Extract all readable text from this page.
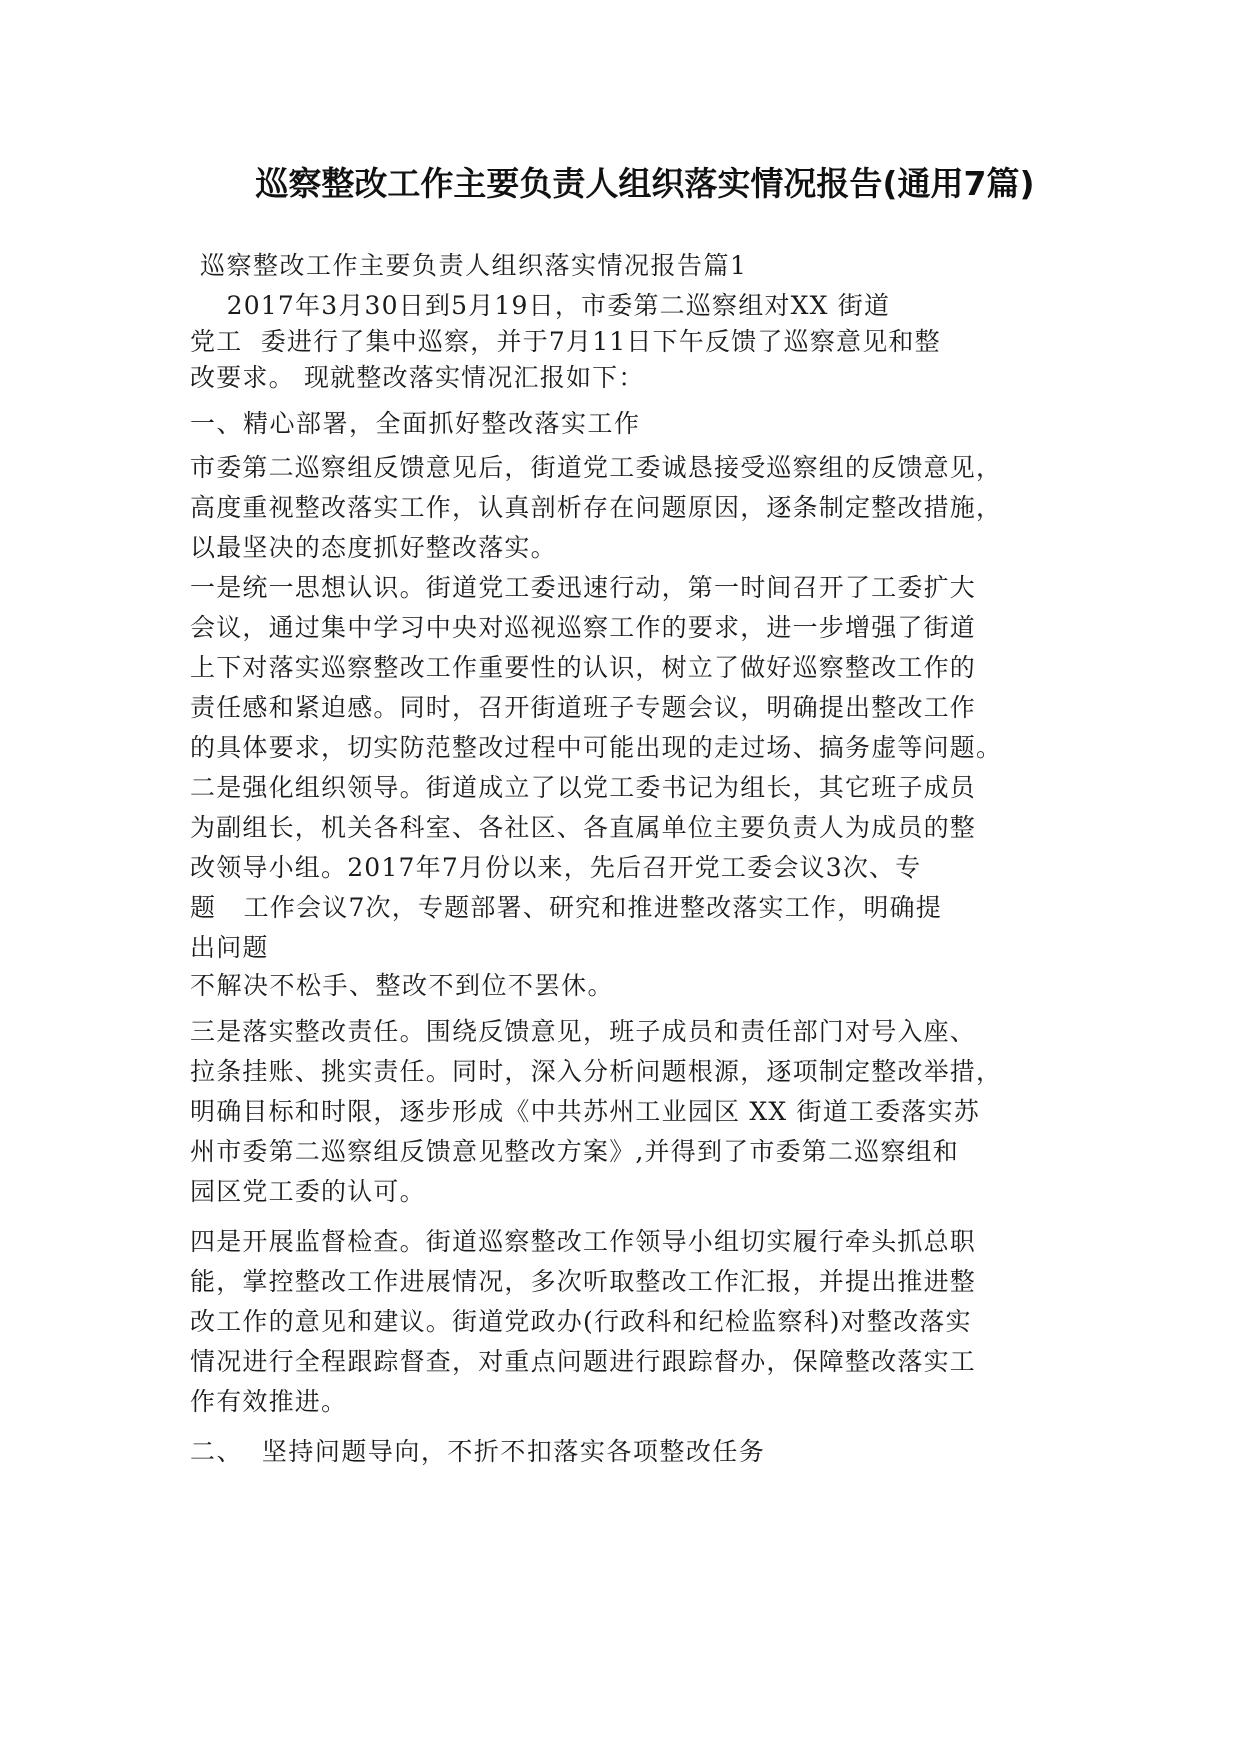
巡察整改工作主要负责人组织落实情况报告(通用7篇)
巡察整改工作主要负责人组织落实情况报告篇1
2017年3月30日到5月19日，市委第二巡察组对XX 街道
党工  委进行了集中巡察，并于7月11日下午反馈了巡察意见和整
改要求。 现就整改落实情况汇报如下：
一、精心部署，全面抓好整改落实工作
市委第二巡察组反馈意见后，街道党工委诚恳接受巡察组的反馈意见，
高度重视整改落实工作，认真剖析存在问题原因，逐条制定整改措施，
以最坚决的态度抓好整改落实。
一是统一思想认识。街道党工委迅速行动，第一时间召开了工委扩大
会议，通过集中学习中央对巡视巡察工作的要求，进一步增强了街道
上下对落实巡察整改工作重要性的认识，树立了做好巡察整改工作的
责任感和紧迫感。同时，召开街道班子专题会议，明确提出整改工作
的具体要求，切实防范整改过程中可能出现的走过场、搞务虚等问题。
二是强化组织领导。街道成立了以党工委书记为组长，其它班子成员
为副组长，机关各科室、各社区、各直属单位主要负责人为成员的整
改领导小组。2017年7月份以来，先后召开党工委会议3次、专
题   工作会议7次，专题部署、研究和推进整改落实工作，明确提
出问题
不解决不松手、整改不到位不罢休。
三是落实整改责任。围绕反馈意见，班子成员和责任部门对号入座、
拉条挂账、挑实责任。同时，深入分析问题根源，逐项制定整改举措，
明确目标和时限，逐步形成《中共苏州工业园区 XX 街道工委落实苏
州市委第二巡察组反馈意见整改方案》,并得到了市委第二巡察组和
园区党工委的认可。
四是开展监督检查。街道巡察整改工作领导小组切实履行牵头抓总职
能，掌控整改工作进展情况，多次听取整改工作汇报，并提出推进整
改工作的意见和建议。街道党政办(行政科和纪检监察科)对整改落实
情况进行全程跟踪督查，对重点问题进行跟踪督办，保障整改落实工
作有效推进。
二、  坚持问题导向，不折不扣落实各项整改任务
